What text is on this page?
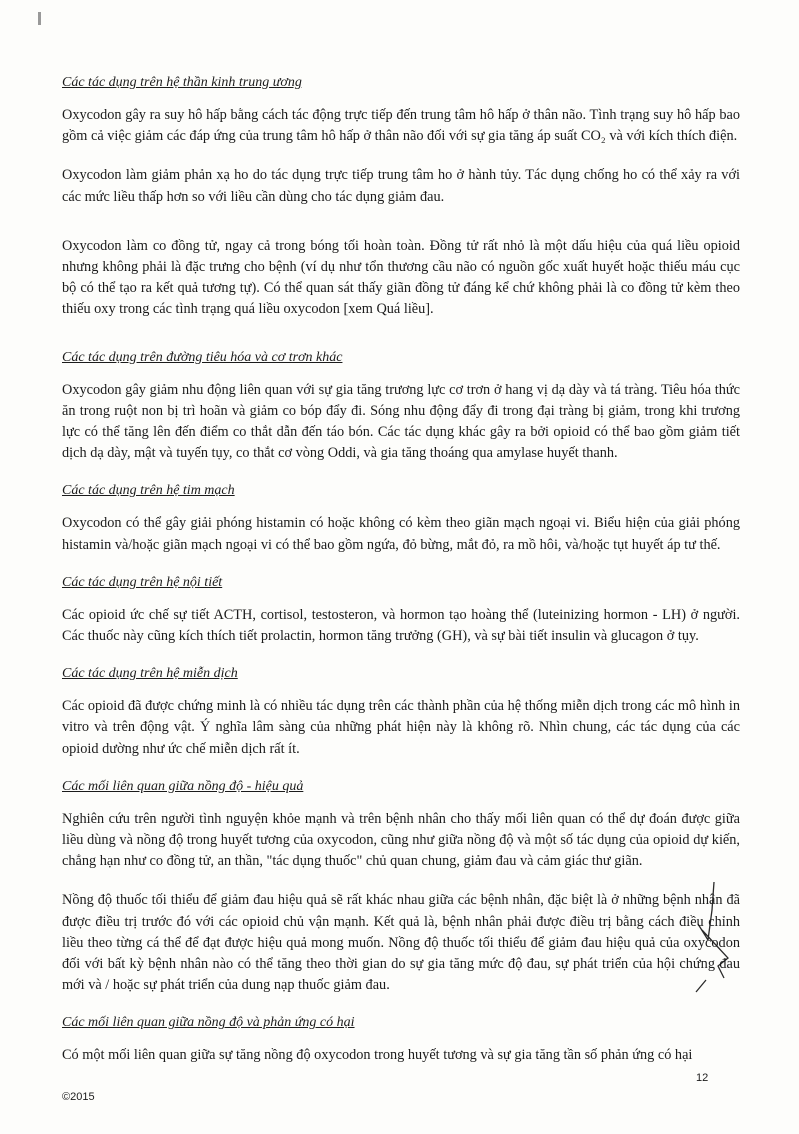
Các tác dụng trên hệ thần kinh trung ương

Oxycodon gây ra suy hô hấp bằng cách tác động trực tiếp đến trung tâm hô hấp ở thân não. Tình trạng suy hô hấp bao gồm cả việc giảm các đáp ứng của trung tâm hô hấp ở thân não đối với sự gia tăng áp suất CO₂ và với kích thích điện.

Oxycodon làm giảm phản xạ ho do tác dụng trực tiếp trung tâm ho ở hành tủy. Tác dụng chống ho có thể xảy ra với các mức liều thấp hơn so với liều cần dùng cho tác dụng giảm đau.

Oxycodon làm co đồng tử, ngay cả trong bóng tối hoàn toàn. Đồng tử rất nhỏ là một dấu hiệu của quá liều opioid nhưng không phải là đặc trưng cho bệnh (ví dụ như tổn thương cầu não có nguồn gốc xuất huyết hoặc thiếu máu cục bộ có thể tạo ra kết quả tương tự). Có thể quan sát thấy giãn đồng tử đáng kể chứ không phải là co đồng tử kèm theo thiếu oxy trong các tình trạng quá liều oxycodon [xem Quá liều].

Các tác dụng trên đường tiêu hóa và cơ trơn khác

Oxycodon gây giảm nhu động liên quan với sự gia tăng trương lực cơ trơn ở hang vị dạ dày và tá tràng. Tiêu hóa thức ăn trong ruột non bị trì hoãn và giảm co bóp đẩy đi. Sóng nhu động đẩy đi trong đại tràng bị giảm, trong khi trương lực có thể tăng lên đến điểm co thắt dẫn đến táo bón. Các tác dụng khác gây ra bởi opioid có thể bao gồm giảm tiết dịch dạ dày, mật và tuyến tụy, co thắt cơ vòng Oddi, và gia tăng thoáng qua amylase huyết thanh.

Các tác dụng trên hệ tim mạch

Oxycodon có thể gây giải phóng histamin có hoặc không có kèm theo giãn mạch ngoại vi. Biểu hiện của giải phóng histamin và/hoặc giãn mạch ngoại vi có thể bao gồm ngứa, đỏ bừng, mắt đỏ, ra mồ hôi, và/hoặc tụt huyết áp tư thế.

Các tác dụng trên hệ nội tiết

Các opioid ức chế sự tiết ACTH, cortisol, testosteron, và hormon tạo hoàng thể (luteinizing hormon - LH) ở người. Các thuốc này cũng kích thích tiết prolactin, hormon tăng trưởng (GH), và sự bài tiết insulin và glucagon ở tụy.

Các tác dụng trên hệ miễn dịch

Các opioid đã được chứng minh là có nhiều tác dụng trên các thành phần của hệ thống miễn dịch trong các mô hình in vitro và trên động vật. Ý nghĩa lâm sàng của những phát hiện này là không rõ. Nhìn chung, các tác dụng của các opioid dường như ức chế miễn dịch rất ít.

Các mối liên quan giữa nồng độ - hiệu quả

Nghiên cứu trên người tình nguyện khỏe mạnh và trên bệnh nhân cho thấy mối liên quan có thể dự đoán được giữa liều dùng và nồng độ trong huyết tương của oxycodon, cũng như giữa nồng độ và một số tác dụng của opioid dự kiến, chẳng hạn như co đồng tử, an thần, "tác dụng thuốc" chủ quan chung, giảm đau và cảm giác thư giãn.

Nồng độ thuốc tối thiểu để giảm đau hiệu quả sẽ rất khác nhau giữa các bệnh nhân, đặc biệt là ở những bệnh nhân đã được điều trị trước đó với các opioid chủ vận mạnh. Kết quả là, bệnh nhân phải được điều trị bằng cách điều chỉnh liều theo từng cá thể để đạt được hiệu quả mong muốn. Nồng độ thuốc tối thiểu để giảm đau hiệu quả của oxycodon đối với bất kỳ bệnh nhân nào có thể tăng theo thời gian do sự gia tăng mức độ đau, sự phát triển của hội chứng đau mới và / hoặc sự phát triển của dung nạp thuốc giảm đau.

Các mối liên quan giữa nồng độ và phản ứng có hại

Có một mối liên quan giữa sự tăng nồng độ oxycodon trong huyết tương và sự gia tăng tần số phản ứng có hại

12
©2015
